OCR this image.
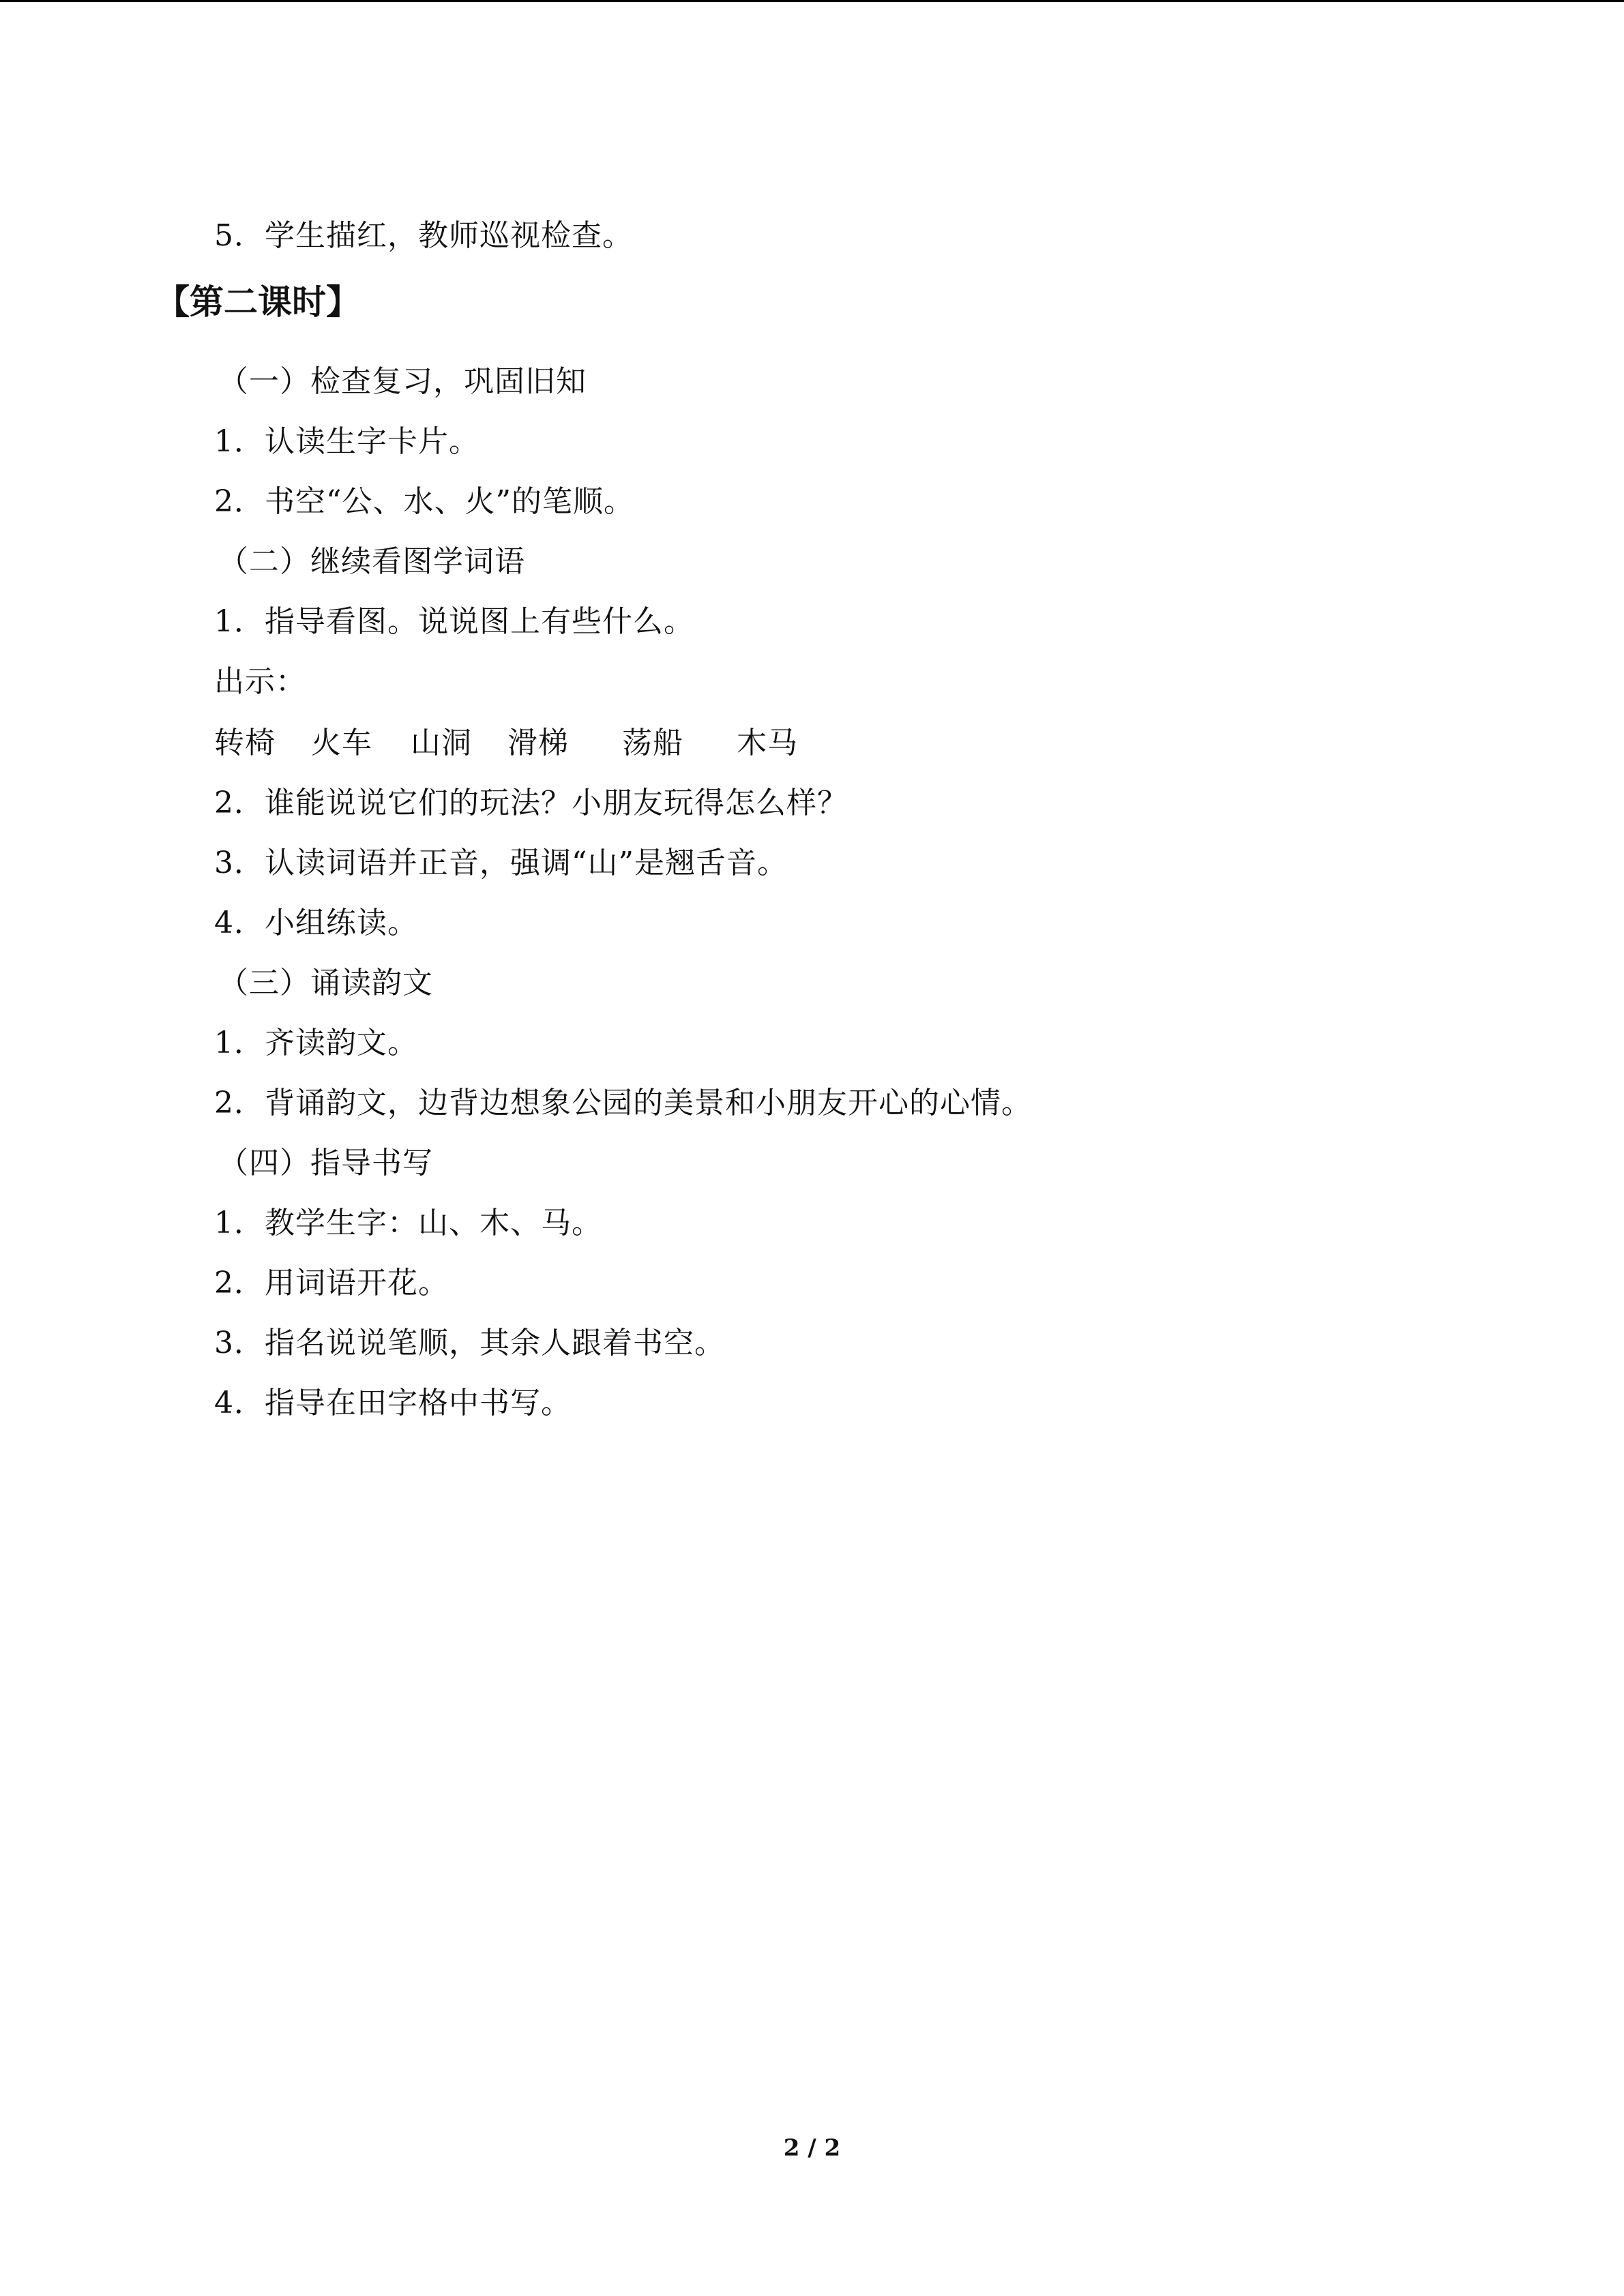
5．学生描红，教师巡视检查。
【第二课时】
（一）检查复习，巩固旧知
1．认读生字卡片。
2．书空“公、水、火”的笔顺。
（二）继续看图学词语
1．指导看图。说说图上有些什么。
出示：
转椅 火车 山洞 滑梯 荡船 木马
2．谁能说说它们的玩法？小朋友玩得怎么样？
3．认读词语并正音，强调“山”是翘舌音。
4．小组练读。
（三）诵读韵文
1．齐读韵文。
2．背诵韵文，边背边想象公园的美景和小朋友开心的心情。
（四）指导书写
1．教学生字：山、木、马。
2．用词语开花。
3．指名说说笔顺，其余人跟着书空。
4．指导在田字格中书写。
2 / 2
